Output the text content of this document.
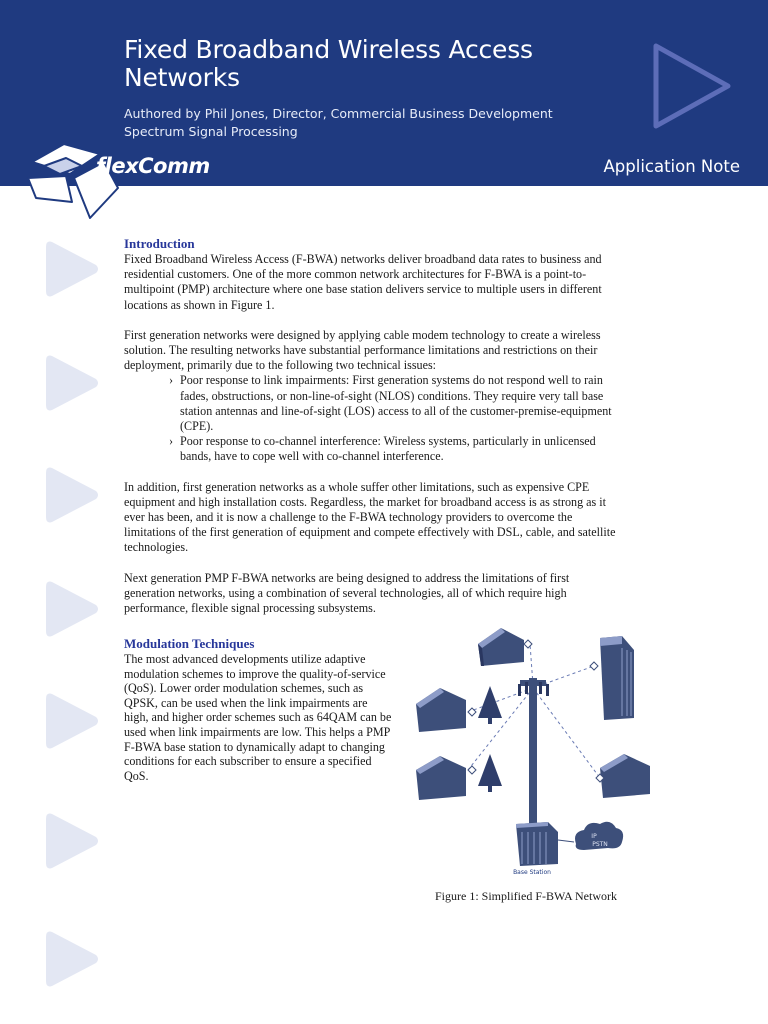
Fixed Broadband Wireless Access
Networks
Authored by Phil Jones, Director, Commercial Business Development
Spectrum Signal Processing
Application Note
flexComm
Introduction

Fixed Broadband Wireless Access (F-BWA) networks deliver broadband data rates to business and residential customers. One of the more common network architectures for F-BWA is a point-to-multipoint (PMP) architecture where one base station delivers service to multiple users in different locations as shown in Figure 1.

First generation networks were designed by applying cable modem technology to create a wireless solution. The resulting networks have substantial performance limitations and restrictions on their deployment, primarily due to the following two technical issues:

› Poor response to link impairments: First generation systems do not respond well to rain fades, obstructions, or non-line-of-sight (NLOS) conditions. They require very tall base station antennas and line-of-sight (LOS) access to all of the customer-premise-equipment (CPE).
› Poor response to co-channel interference: Wireless systems, particularly in unlicensed bands, have to cope well with co-channel interference.

In addition, first generation networks as a whole suffer other limitations, such as expensive CPE equipment and high installation costs. Regardless, the market for broadband access is as strong as it ever has been, and it is now a challenge to the F-BWA technology providers to overcome the limitations of the first generation of equipment and compete effectively with DSL, cable, and satellite technologies.

Next generation PMP F-BWA networks are being designed to address the limitations of first generation networks, using a combination of several technologies, all of which require high performance, flexible signal processing subsystems.

Modulation Techniques

The most advanced developments utilize adaptive modulation schemes to improve the quality-of-service (QoS). Lower order modulation schemes, such as QPSK, can be used when the link impairments are high, and higher order schemes such as 64QAM can be used when link impairments are low. This helps a PMP F-BWA base station to dynamically adapt to changing conditions for each subscriber to ensure a specified QoS.

IP
PSTN
Base Station
Figure 1: Simplified F-BWA Network
